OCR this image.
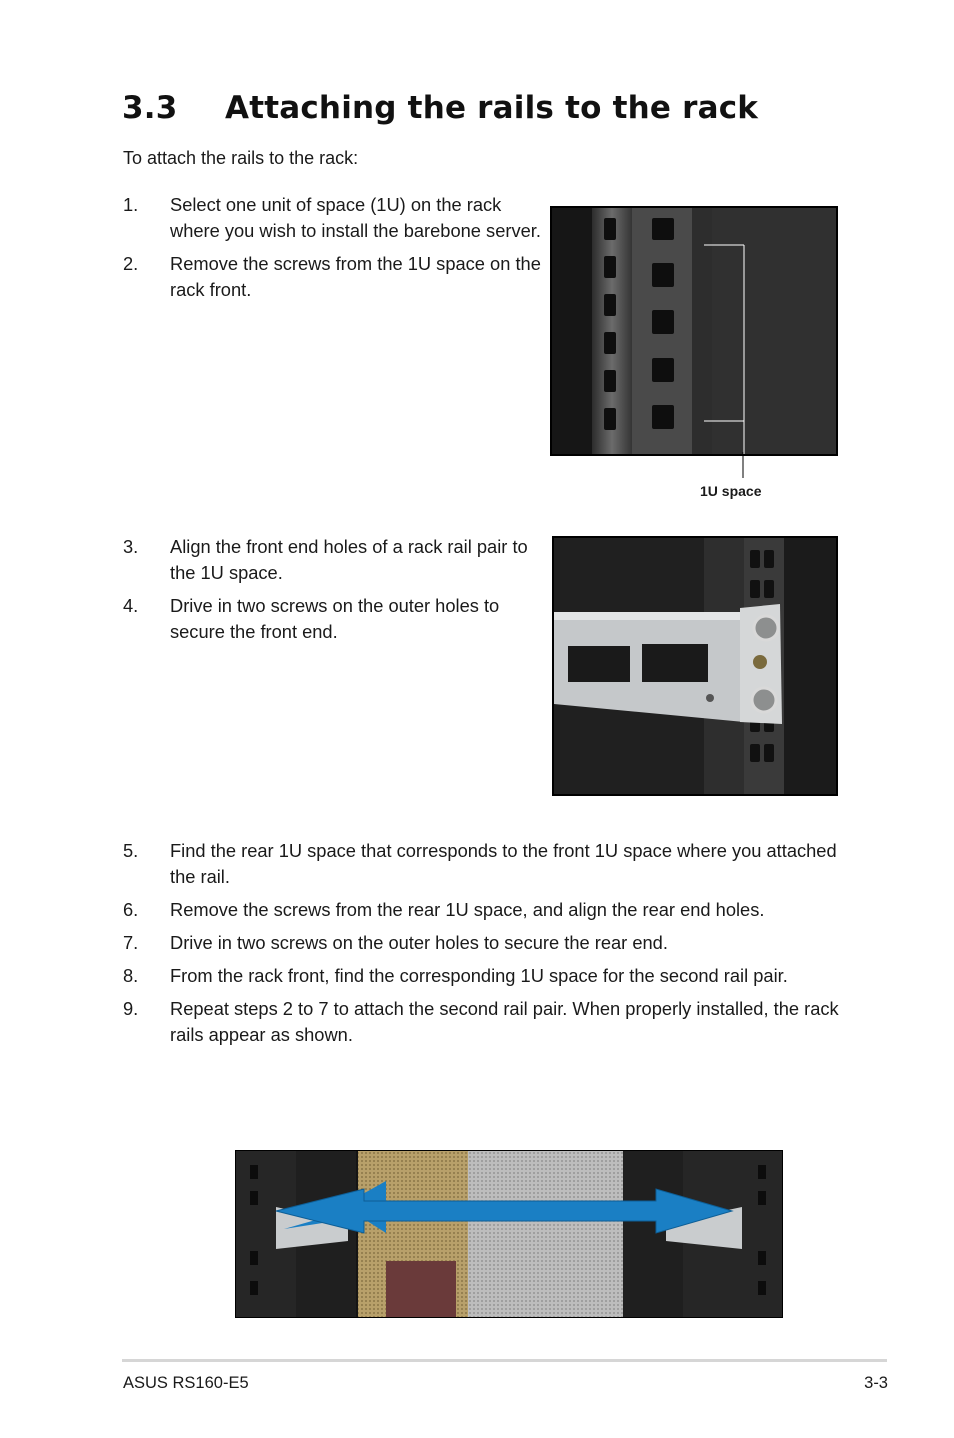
3.3 Attaching the rails to the rack

To attach the rails to the rack:

1. Select one unit of space (1U) on the rack where you wish to install the barebone server.
2. Remove the screws from the 1U space on the rack front.
1U space
3. Align the front end holes of a rack rail pair to the 1U space.
4. Drive in two screws on the outer holes to secure the front end.
5. Find the rear 1U space that corresponds to the front 1U space where you attached the rail.
6. Remove the screws from the rear 1U space, and align the rear end holes.
7. Drive in two screws on the outer holes to secure the rear end.
8. From the rack front, find the corresponding 1U space for the second rail pair.
9. Repeat steps 2 to 7 to attach the second rail pair. When properly installed, the rack rails appear as shown.
ASUS RS160-E5	3-3
